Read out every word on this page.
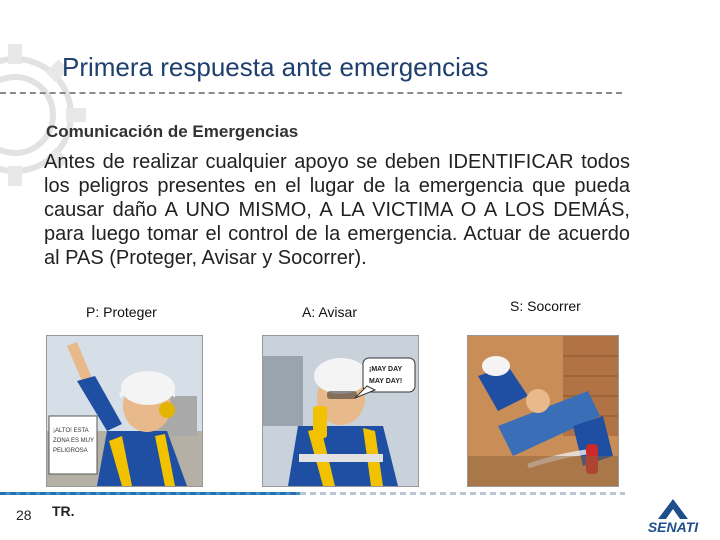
Primera respuesta ante emergencias
Comunicación de Emergencias
Antes de realizar cualquier apoyo se deben IDENTIFICAR todos los peligros presentes en el lugar de la emergencia que pueda causar daño A UNO MISMO, A LA VICTIMA O A LOS DEMÁS, para luego tomar el control de la emergencia. Actuar de acuerdo al PAS (Proteger, Avisar y Socorrer).
P: Proteger	A: Avisar	S: Socorrer
¡ALTO! ESTA
ZONA ES MUY
PELIGROSA
¡MAY DAY
MAY DAY!
28 TR.
SENATI
